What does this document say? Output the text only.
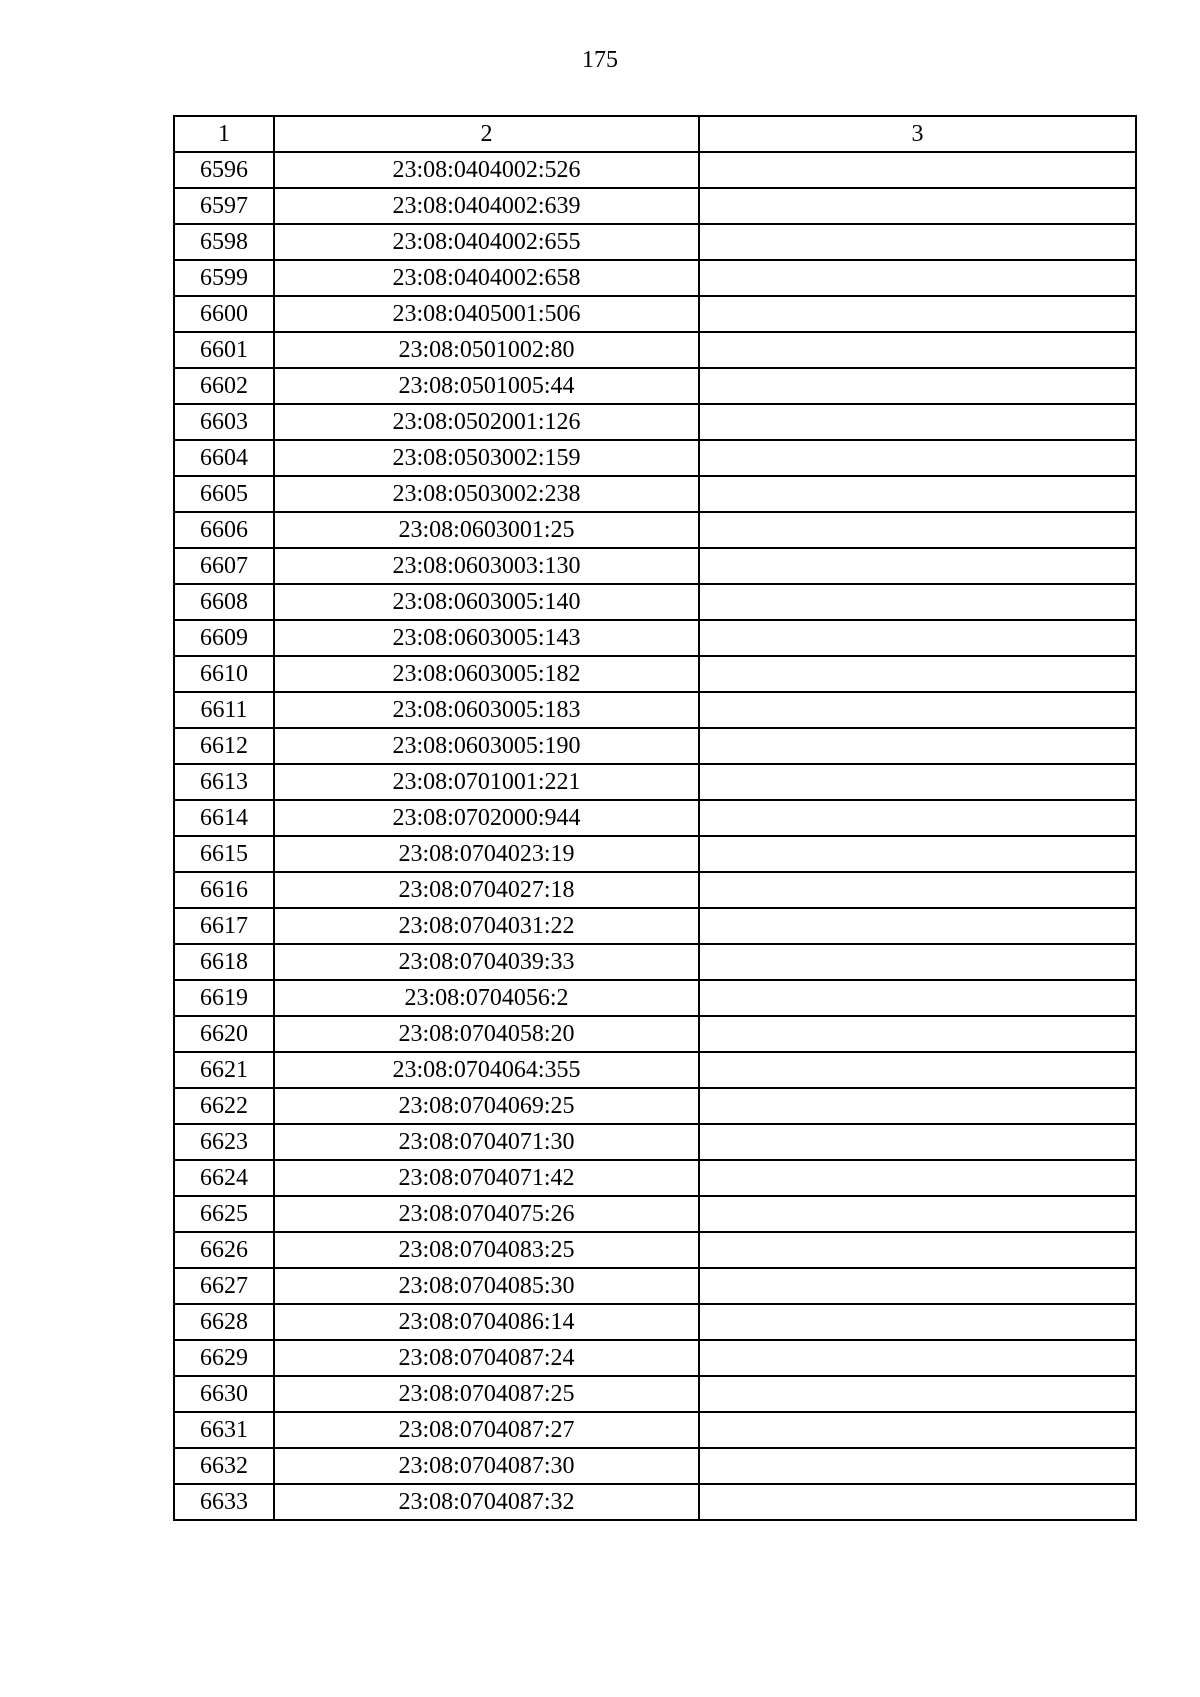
175
1	2	3
6596	23:08:0404002:526	
6597	23:08:0404002:639	
6598	23:08:0404002:655	
6599	23:08:0404002:658	
6600	23:08:0405001:506	
6601	23:08:0501002:80	
6602	23:08:0501005:44	
6603	23:08:0502001:126	
6604	23:08:0503002:159	
6605	23:08:0503002:238	
6606	23:08:0603001:25	
6607	23:08:0603003:130	
6608	23:08:0603005:140	
6609	23:08:0603005:143	
6610	23:08:0603005:182	
6611	23:08:0603005:183	
6612	23:08:0603005:190	
6613	23:08:0701001:221	
6614	23:08:0702000:944	
6615	23:08:0704023:19	
6616	23:08:0704027:18	
6617	23:08:0704031:22	
6618	23:08:0704039:33	
6619	23:08:0704056:2	
6620	23:08:0704058:20	
6621	23:08:0704064:355	
6622	23:08:0704069:25	
6623	23:08:0704071:30	
6624	23:08:0704071:42	
6625	23:08:0704075:26	
6626	23:08:0704083:25	
6627	23:08:0704085:30	
6628	23:08:0704086:14	
6629	23:08:0704087:24	
6630	23:08:0704087:25	
6631	23:08:0704087:27	
6632	23:08:0704087:30	
6633	23:08:0704087:32	
